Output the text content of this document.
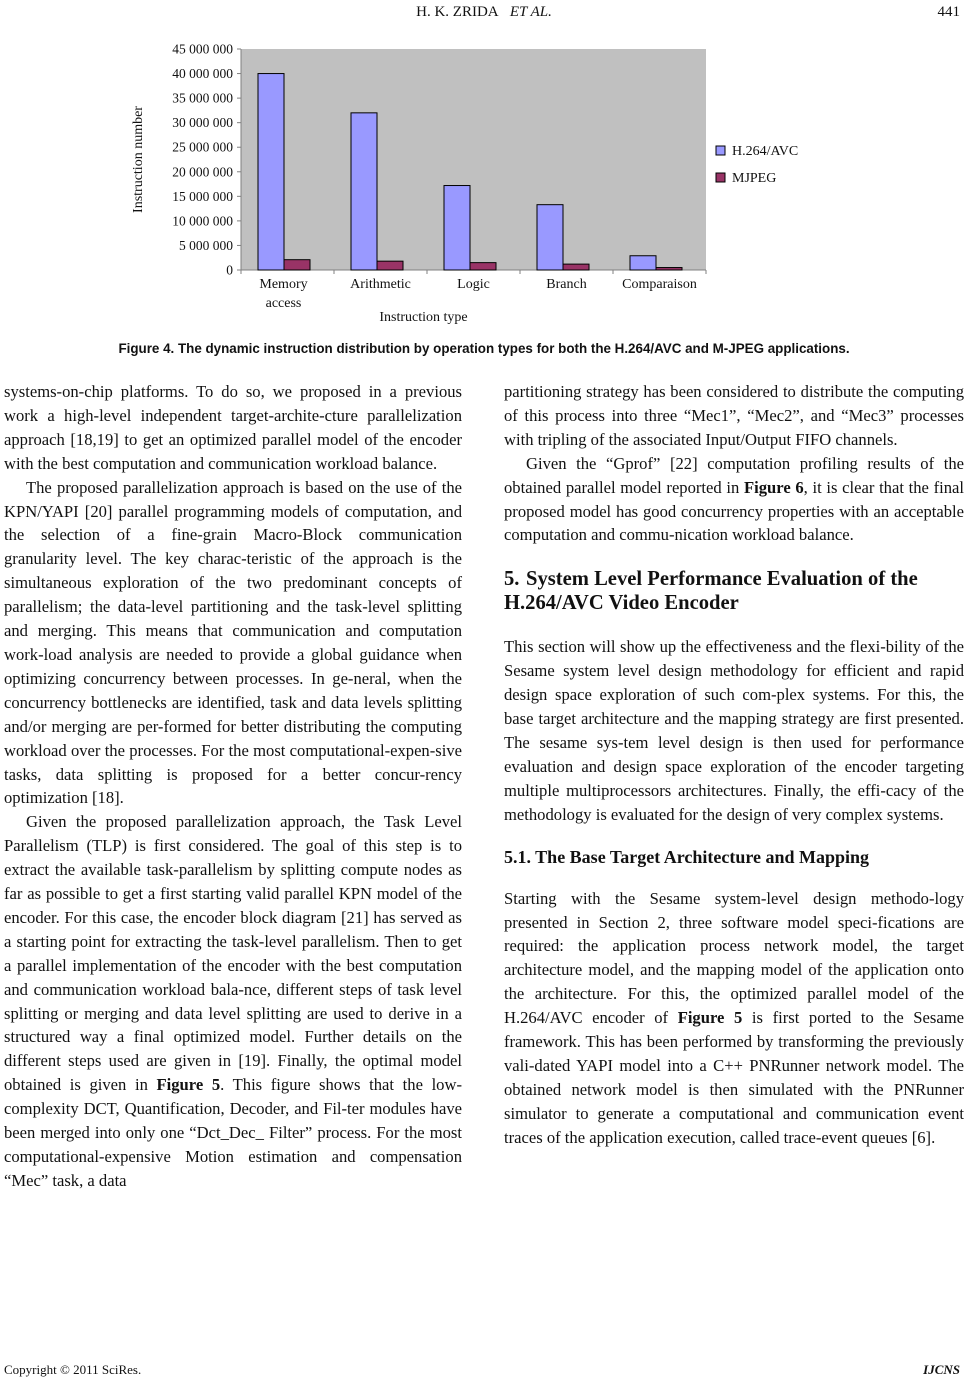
H. K. ZRIDA ET AL.	441
0
5 000 000
10 000 000
15 000 000
20 000 000
25 000 000
30 000 000
35 000 000
40 000 000
45 000 000
Memory
access
Arithmetic	Logic	Branch	Comparaison
Instruction type
Instruction number	H.264/AVC
MJPEG
Figure 4. The dynamic instruction distribution by operation types for both the H.264/AVC and M-JPEG applications.

systems-on-chip platforms. To do so, we proposed in a previous work a high-level independent target-archite-cture parallelization approach [18,19] to get an optimized parallel model of the encoder with the best computation and communication workload balance.

The proposed parallelization approach is based on the use of the KPN/YAPI [20] parallel programming models of computation, and the selection of a fine-grain Macro-Block communication granularity level. The key charac-teristic of the approach is the simultaneous exploration of the two predominant concepts of parallelism; the data-level partitioning and the task-level splitting and merging. This means that communication and computation work-load analysis are needed to provide a global guidance when optimizing concurrency between processes. In ge-neral, when the concurrency bottlenecks are identified, task and data levels splitting and/or merging are per-formed for better distributing the computing workload over the processes. For the most computational-expen-sive tasks, data splitting is proposed for a better concur-rency optimization [18].

Given the proposed parallelization approach, the Task Level Parallelism (TLP) is first considered. The goal of this step is to extract the available task-parallelism by splitting compute nodes as far as possible to get a first starting valid parallel KPN model of the encoder. For this case, the encoder block diagram [21] has served as a starting point for extracting the task-level parallelism. Then to get a parallel implementation of the encoder with the best computation and communication workload bala-nce, different steps of task level splitting or merging and data level splitting are used to derive in a structured way a final optimized model. Further details on the different steps used are given in [19]. Finally, the optimal model obtained is given in Figure 5. This figure shows that the low-complexity DCT, Quantification, Decoder, and Fil-ter modules have been merged into only one “Dct_Dec_ Filter” process. For the most computational-expensive Motion estimation and compensation “Mec” task, a data

partitioning strategy has been considered to distribute the computing of this process into three “Mec1”, “Mec2”, and “Mec3” processes with tripling of the associated Input/Output FIFO channels.

Given the “Gprof” [22] computation profiling results of the obtained parallel model reported in Figure 6, it is clear that the final proposed model has good concurrency properties with an acceptable computation and commu-nication workload balance.

5. System Level Performance Evaluation of the H.264/AVC Video Encoder

This section will show up the effectiveness and the flexi-bility of the Sesame system level design methodology for efficient and rapid design space exploration of such com-plex systems. For this, the base target architecture and the mapping strategy are first presented. The sesame sys-tem level design is then used for performance evaluation and design space exploration of the encoder targeting multiple multiprocessors architectures. Finally, the effi-cacy of the methodology is evaluated for the design of very complex systems.

5.1. The Base Target Architecture and Mapping

Starting with the Sesame system-level design methodo-logy presented in Section 2, three software model speci-fications are required: the application process network model, the target architecture model, and the mapping model of the application onto the architecture. For this, the optimized parallel model of the H.264/AVC encoder of Figure 5 is first ported to the Sesame framework. This has been performed by transforming the previously vali-dated YAPI model into a C++ PNRunner network model. The obtained network model is then simulated with the PNRunner simulator to generate a computational and communication event traces of the application execution, called trace-event queues [6].

Copyright © 2011 SciRes.	IJCNS
